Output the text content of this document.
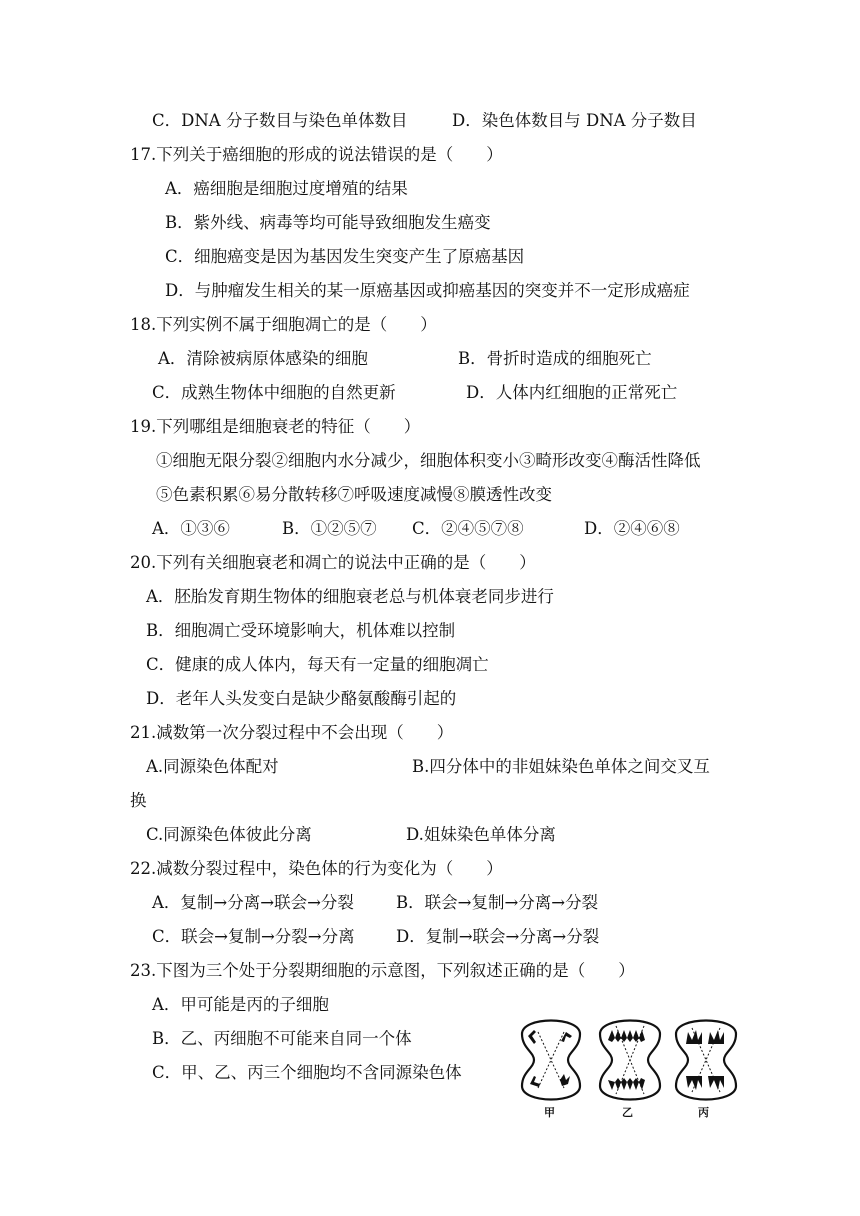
C．DNA 分子数目与染色单体数目	D．染色体数目与 DNA 分子数目
17.下列关于癌细胞的形成的说法错误的是（　　）
A．癌细胞是细胞过度增殖的结果
B．紫外线、病毒等均可能导致细胞发生癌变
C．细胞癌变是因为基因发生突变产生了原癌基因
D．与肿瘤发生相关的某一原癌基因或抑癌基因的突变并不一定形成癌症
18.下列实例不属于细胞凋亡的是（　　）
A．清除被病原体感染的细胞	B．骨折时造成的细胞死亡
C．成熟生物体中细胞的自然更新	D．人体内红细胞的正常死亡
19.下列哪组是细胞衰老的特征（　　）
①细胞无限分裂②细胞内水分减少，细胞体积变小③畸形改变④酶活性降低
⑤色素积累⑥易分散转移⑦呼吸速度减慢⑧膜透性改变
A．①③⑥	B．①②⑤⑦ C．②④⑤⑦⑧	D．②④⑥⑧
20.下列有关细胞衰老和凋亡的说法中正确的是（　　）
A．胚胎发育期生物体的细胞衰老总与机体衰老同步进行
B．细胞凋亡受环境影响大，机体难以控制
C．健康的成人体内，每天有一定量的细胞凋亡
D．老年人头发变白是缺少酪氨酸酶引起的
21.减数第一次分裂过程中不会出现（　　）
A.同源染色体配对	B.四分体中的非姐妹染色单体之间交叉互
换
C.同源染色体彼此分离	D.姐妹染色单体分离
22.减数分裂过程中，染色体的行为变化为（　　）
A．复制→分离→联会→分裂	B．联会→复制→分离→分裂
C．联会→复制→分裂→分离	D．复制→联会→分离→分裂
23.下图为三个处于分裂期细胞的示意图，下列叙述正确的是（　　）
A．甲可能是丙的子细胞
B．乙、丙细胞不可能来自同一个体
C．甲、乙、丙三个细胞均不含同源染色体
甲	乙	丙
